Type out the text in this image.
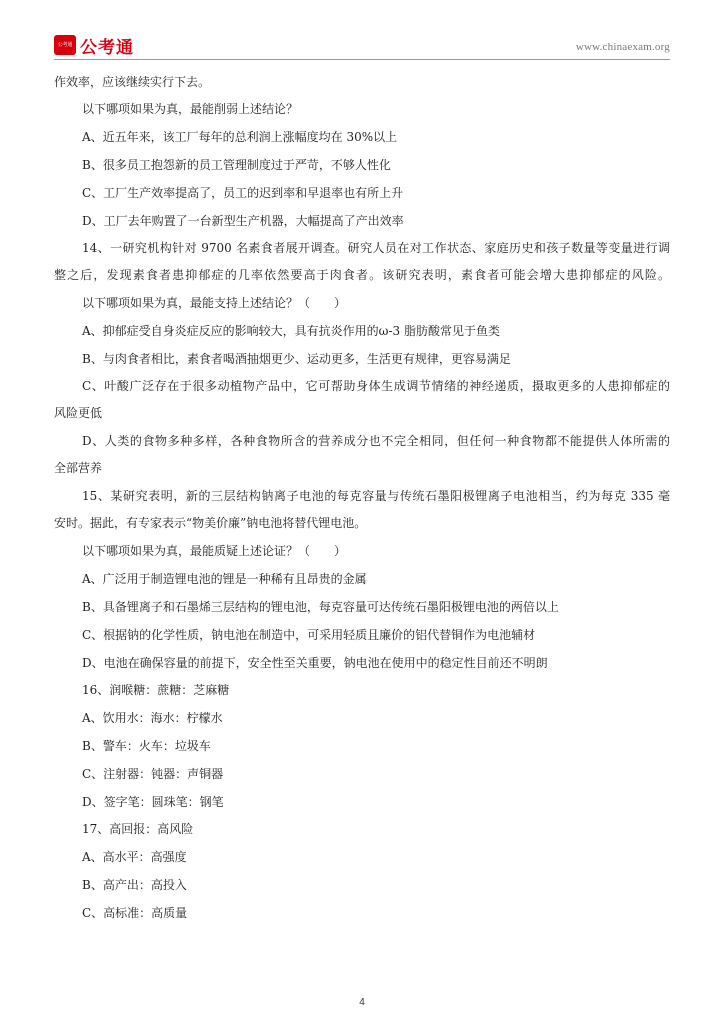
公考通 公考通	www.chinaexam.org

作效率，应该继续实行下去。

以下哪项如果为真，最能削弱上述结论？

A、近五年来，该工厂每年的总利润上涨幅度均在 30%以上

B、很多员工抱怨新的员工管理制度过于严苛，不够人性化

C、工厂生产效率提高了，员工的迟到率和早退率也有所上升

D、工厂去年购置了一台新型生产机器，大幅提高了产出效率

14、一研究机构针对 9700 名素食者展开调查。研究人员在对工作状态、家庭历史和孩子数量等变量进行调

整之后，发现素食者患抑郁症的几率依然要高于肉食者。该研究表明，素食者可能会增大患抑郁症的风险。

以下哪项如果为真，最能支持上述结论？（　　）

A、抑郁症受自身炎症反应的影响较大，具有抗炎作用的ω-3 脂肪酸常见于鱼类

B、与肉食者相比，素食者喝酒抽烟更少、运动更多，生活更有规律，更容易满足

C、叶酸广泛存在于很多动植物产品中，它可帮助身体生成调节情绪的神经递质，摄取更多的人患抑郁症的

风险更低

D、人类的食物多种多样，各种食物所含的营养成分也不完全相同，但任何一种食物都不能提供人体所需的

全部营养

15、某研究表明，新的三层结构钠离子电池的每克容量与传统石墨阳极锂离子电池相当，约为每克 335 毫

安时。据此，有专家表示“物美价廉”钠电池将替代锂电池。

以下哪项如果为真，最能质疑上述论证？（　　）

A、广泛用于制造锂电池的锂是一种稀有且昂贵的金属

B、具备锂离子和石墨烯三层结构的锂电池，每克容量可达传统石墨阳极锂电池的两倍以上

C、根据钠的化学性质，钠电池在制造中，可采用轻质且廉价的铝代替铜作为电池辅材

D、电池在确保容量的前提下，安全性至关重要，钠电池在使用中的稳定性目前还不明朗

16、润喉糖：蔗糖：芝麻糖

A、饮用水：海水：柠檬水

B、警车：火车：垃圾车

C、注射器：钝器：声铜器

D、签字笔：圆珠笔：钢笔

17、高回报：高风险

A、高水平：高强度

B、高产出：高投入

C、高标准：高质量

4
